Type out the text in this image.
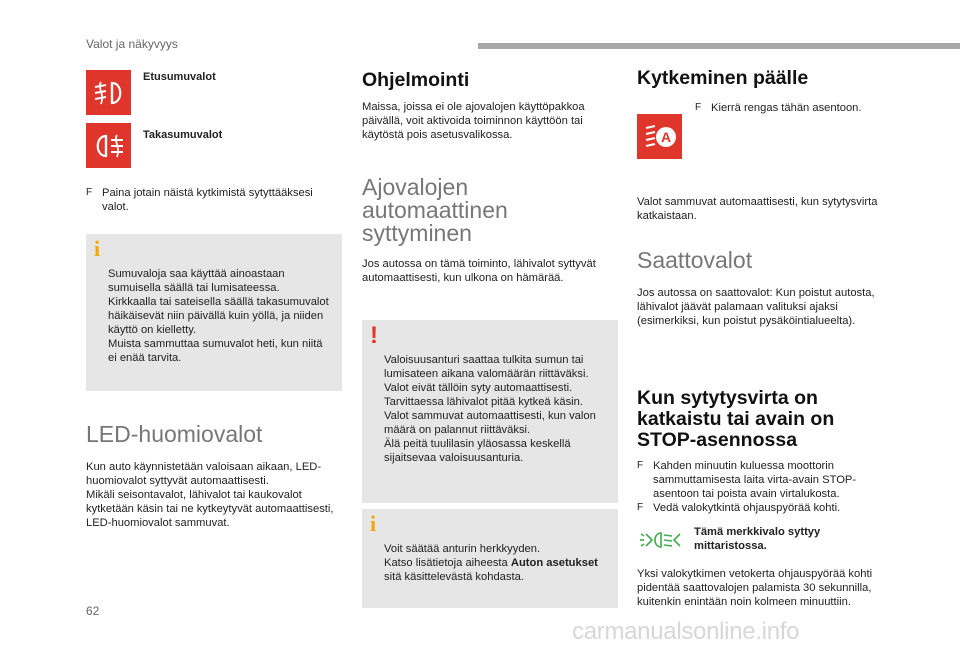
Valot ja näkyvyys
Etusumuvalot
Takasumuvalot
F Paina jotain näistä kytkimistä sytyttääksesi valot.

i

Sumuvaloja saa käyttää ainoastaan sumuisella säällä tai lumisateessa.
Kirkkaalla tai sateisella säällä takasumuvalot häikäisevät niin päivällä kuin yöllä, ja niiden käyttö on kielletty.
Muista sammuttaa sumuvalot heti, kun niitä ei enää tarvita.

LED-huomiovalot
Kun auto käynnistetään valoisaan aikaan, LED-huomiovalot syttyvät automaattisesti.
Mikäli seisontavalot, lähivalot tai kaukovalot kytketään käsin tai ne kytkeytyvät automaattisesti, LED-huomiovalot sammuvat.
Ohjelmointi
Maissa, joissa ei ole ajovalojen käyttöpakkoa päivällä, voit aktivoida toiminnon käyttöön tai käytöstä pois asetusvalikossa.
Ajovalojen automaattinen syttyminen
Jos autossa on tämä toiminto, lähivalot syttyvät automaattisesti, kun ulkona on hämärää.

!

Valoisuusanturi saattaa tulkita sumun tai lumisateen aikana valomäärän riittäväksi.
Valot eivät tällöin syty automaattisesti. Tarvittaessa lähivalot pitää kytkeä käsin. Valot sammuvat automaattisesti, kun valon määrä on palannut riittäväksi.
Älä peitä tuulilasin yläosassa keskellä sijaitsevaa valoisuusanturia.

i

Voit säätää anturin herkkyyden.
Katso lisätietoja aiheesta Auton asetukset sitä käsittelevästä kohdasta.

Kytkeminen päälle
F Kierrä rengas tähän asentoon.
A
Valot sammuvat automaattisesti, kun sytytysvirta katkaistaan.
Saattovalot
Jos autossa on saattovalot: Kun poistut autosta, lähivalot jäävät palamaan valituksi ajaksi (esimerkiksi, kun poistut pysäköintialueelta).
Kun sytytysvirta on katkaistu tai avain on STOP-asennossa
F Kahden minuutin kuluessa moottorin sammuttamisesta laita virta-avain STOP-asentoon tai poista avain virtalukosta.
F Vedä valokytkintä ohjauspyörää kohti.
Tämä merkkivalo syttyy mittaristossa.
Yksi valokytkimen vetokerta ohjauspyörää kohti pidentää saattovalojen palamista 30 sekunnilla, kuitenkin enintään noin kolmeen minuuttiin.
62
carmanualsonline.info
